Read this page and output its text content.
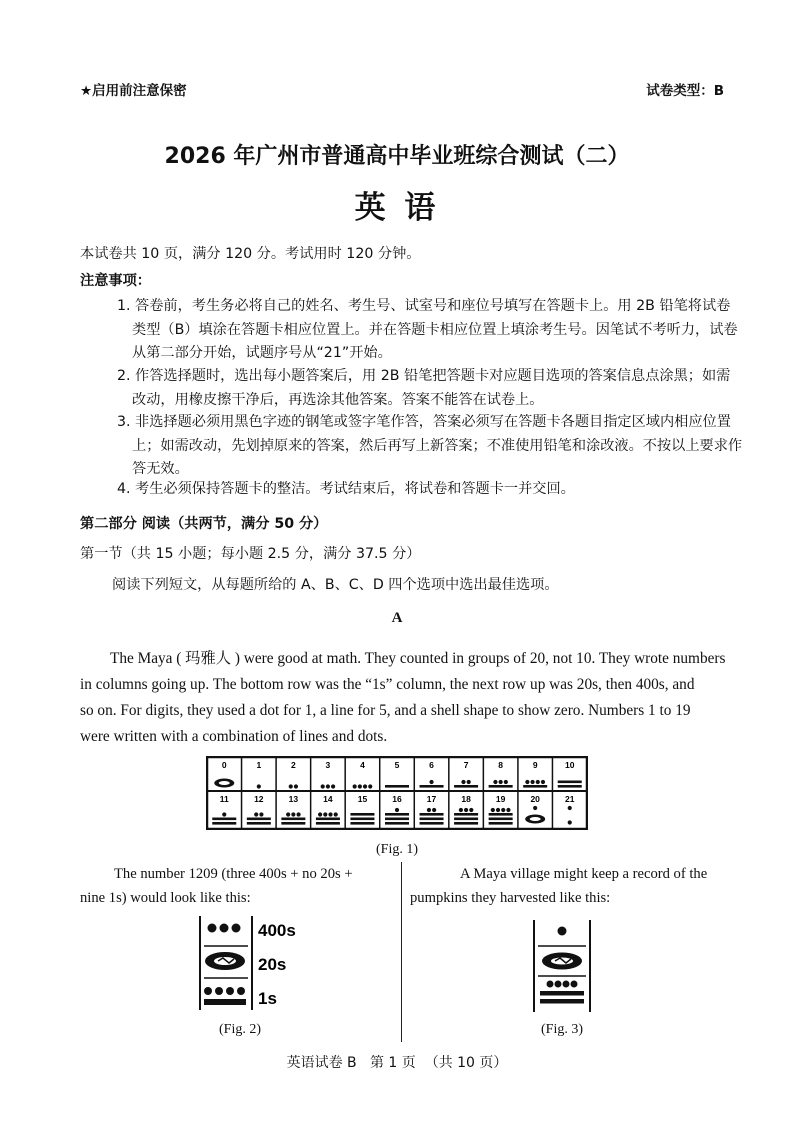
★启用前注意保密	试卷类型：B
2026 年广州市普通高中毕业班综合测试（二）
英 语
本试卷共 10 页，满分 120 分。考试用时 120 分钟。
注意事项：
1. 答卷前，考生务必将自己的姓名、考生号、试室号和座位号填写在答题卡上。用 2B 铅笔将试卷类型（B）填涂在答题卡相应位置上。并在答题卡相应位置上填涂考生号。因笔试不考听力，试卷从第二部分开始，试题序号从“21”开始。
2. 作答选择题时，选出每小题答案后，用 2B 铅笔把答题卡对应题目选项的答案信息点涂黑；如需改动，用橡皮擦干净后，再选涂其他答案。答案不能答在试卷上。
3. 非选择题必须用黑色字迹的钢笔或签字笔作答，答案必须写在答题卡各题目指定区域内相应位置上；如需改动，先划掉原来的答案，然后再写上新答案；不准使用铅笔和涂改液。不按以上要求作答无效。
4. 考生必须保持答题卡的整洁。考试结束后，将试卷和答题卡一并交回。
第二部分 阅读（共两节，满分 50 分）
第一节（共 15 小题；每小题 2.5 分，满分 37.5 分）
阅读下列短文，从每题所给的 A、B、C、D 四个选项中选出最佳选项。
A
The Maya ( 玛雅人 ) were good at math. They counted in groups of 20, not 10. They wrote numbers
in columns going up. The bottom row was the “1s” column, the next row up was 20s, then 400s, and
so on. For digits, they used a dot for 1, a line for 5, and a shell shape to show zero. Numbers 1 to 19
were written with a combination of lines and dots.
0	1	2	3	4	5	6	7	8	9	10
11	12	13	14	15	16	17	18	19	20	21
(Fig. 1)
The number 1209 (three 400s + no 20s +
nine 1s) would look like this:
400s
20s
1s
(Fig. 2)
A Maya village might keep a record of the
pumpkins they harvested like this:
(Fig. 3)
英语试卷 B   第 1 页  （共 10 页）
